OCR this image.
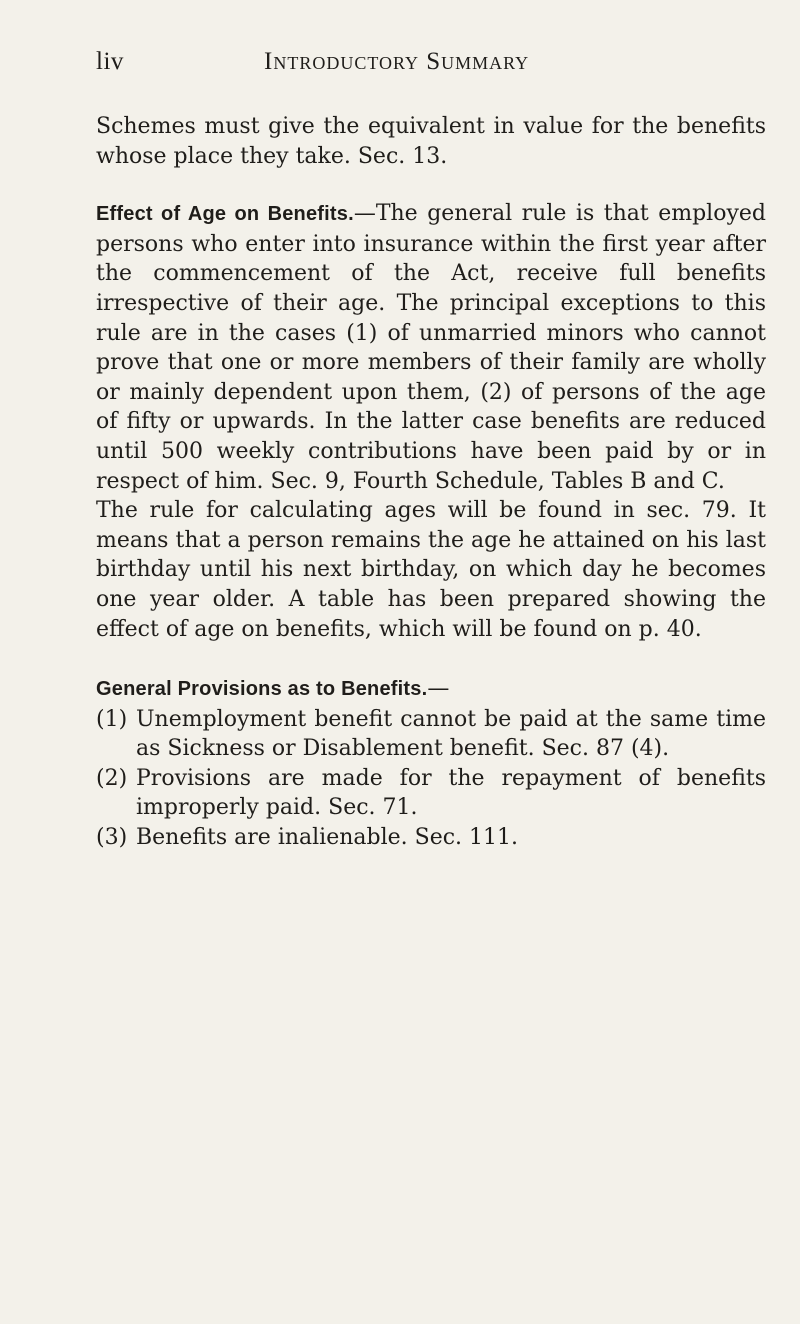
liv	Introductory Summary

Schemes must give the equivalent in value for the benefits whose place they take. Sec. 13.

Effect of Age on Benefits.—The general rule is that employed persons who enter into insurance within the first year after the commencement of the Act, receive full benefits irrespective of their age. The principal exceptions to this rule are in the cases (1) of unmarried minors who cannot prove that one or more members of their family are wholly or mainly dependent upon them, (2) of persons of the age of fifty or upwards. In the latter case benefits are reduced until 500 weekly contributions have been paid by or in respect of him. Sec. 9, Fourth Schedule, Tables B and C.

The rule for calculating ages will be found in sec. 79. It means that a person remains the age he attained on his last birthday until his next birthday, on which day he becomes one year older. A table has been prepared showing the effect of age on benefits, which will be found on p. 40.

General Provisions as to Benefits.—
(1) Unemployment benefit cannot be paid at the same time as Sickness or Disablement benefit. Sec. 87 (4).
(2) Provisions are made for the repayment of benefits improperly paid. Sec. 71.
(3) Benefits are inalienable. Sec. 111.
